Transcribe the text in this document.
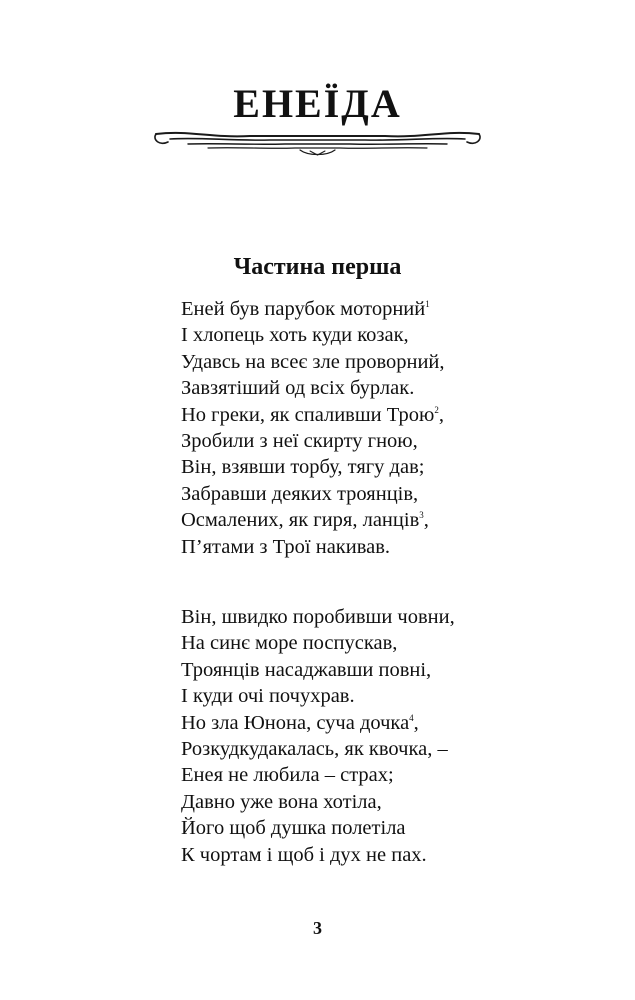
ЕНЕЇДА
Частина перша
Еней був парубок моторний$^1$
І хлопець хоть куди козак,
Удавсь на всеє зле проворний,
Завзятіший од всіх бурлак.
Но греки, як спаливши Трою$^2$,
Зробили з неї скирту гною,
Він, взявши торбу, тягу дав;
Забравши деяких троянців,
Осмалених, як гиря, ланців$^3$,
П’ятами з Трої накивав.
Він, швидко поробивши човни,
На синє море поспускав,
Троянців насаджавши повні,
І куди очі почухрав.
Но зла Юнона, суча дочка$^4$,
Розкудкудакалась, як квочка, –
Енея не любила – страх;
Давно уже вона хотіла,
Його щоб душка полетіла
К чортам і щоб і дух не пах.
3
